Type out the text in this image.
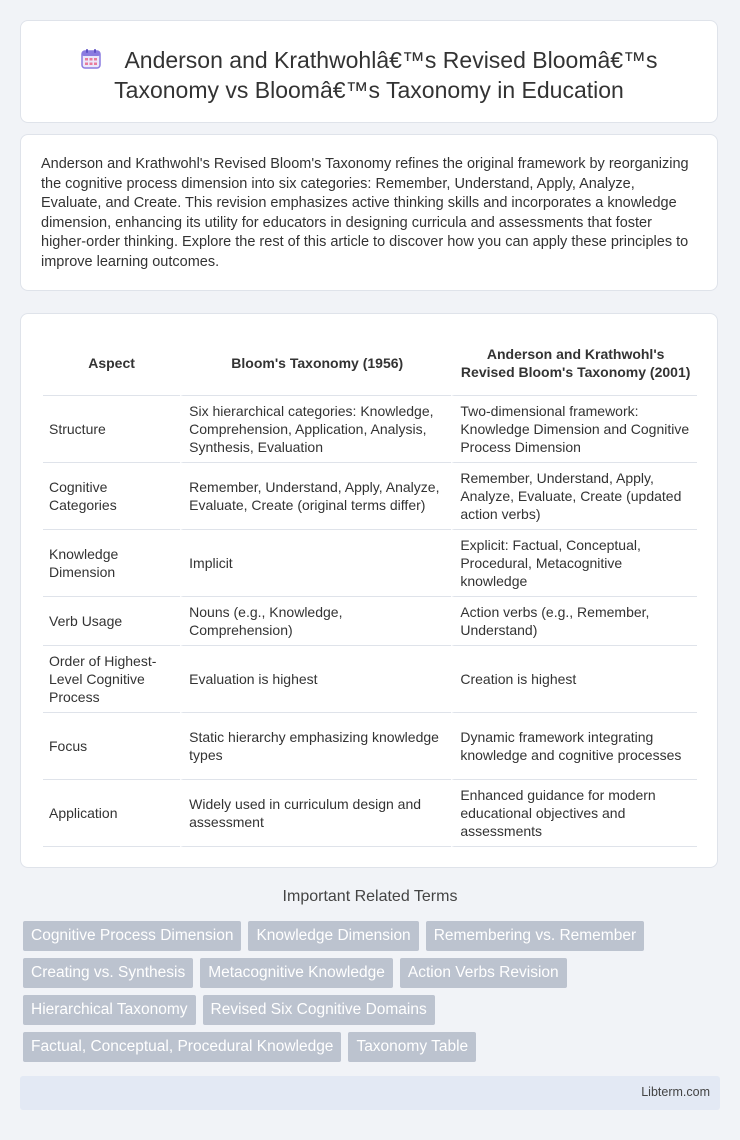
Anderson and Krathwohlâ€™s Revised Bloomâ€™s Taxonomy vs Bloomâ€™s Taxonomy in Education

Anderson and Krathwohl's Revised Bloom's Taxonomy refines the original framework by reorganizing the cognitive process dimension into six categories: Remember, Understand, Apply, Analyze, Evaluate, and Create. This revision emphasizes active thinking skills and incorporates a knowledge dimension, enhancing its utility for educators in designing curricula and assessments that foster higher-order thinking. Explore the rest of this article to discover how you can apply these principles to improve learning outcomes.

Aspect	Bloom's Taxonomy (1956)	Anderson and Krathwohl's Revised Bloom's Taxonomy (2001)
Structure	Six hierarchical categories: Knowledge, Comprehension, Application, Analysis, Synthesis, Evaluation	Two-dimensional framework: Knowledge Dimension and Cognitive Process Dimension
Cognitive Categories	Remember, Understand, Apply, Analyze, Evaluate, Create (original terms differ)	Remember, Understand, Apply, Analyze, Evaluate, Create (updated action verbs)
Knowledge Dimension	Implicit	Explicit: Factual, Conceptual, Procedural, Metacognitive knowledge
Verb Usage	Nouns (e.g., Knowledge, Comprehension)	Action verbs (e.g., Remember, Understand)
Order of Highest-Level Cognitive Process	Evaluation is highest	Creation is highest
Focus	Static hierarchy emphasizing knowledge types	Dynamic framework integrating knowledge and cognitive processes
Application	Widely used in curriculum design and assessment	Enhanced guidance for modern educational objectives and assessments
Important Related Terms
Cognitive Process Dimension	Knowledge Dimension	Remembering vs. Remember
Creating vs. Synthesis	Metacognitive Knowledge	Action Verbs Revision
Hierarchical Taxonomy	Revised Six Cognitive Domains
Factual, Conceptual, Procedural Knowledge	Taxonomy Table
Libterm.com
